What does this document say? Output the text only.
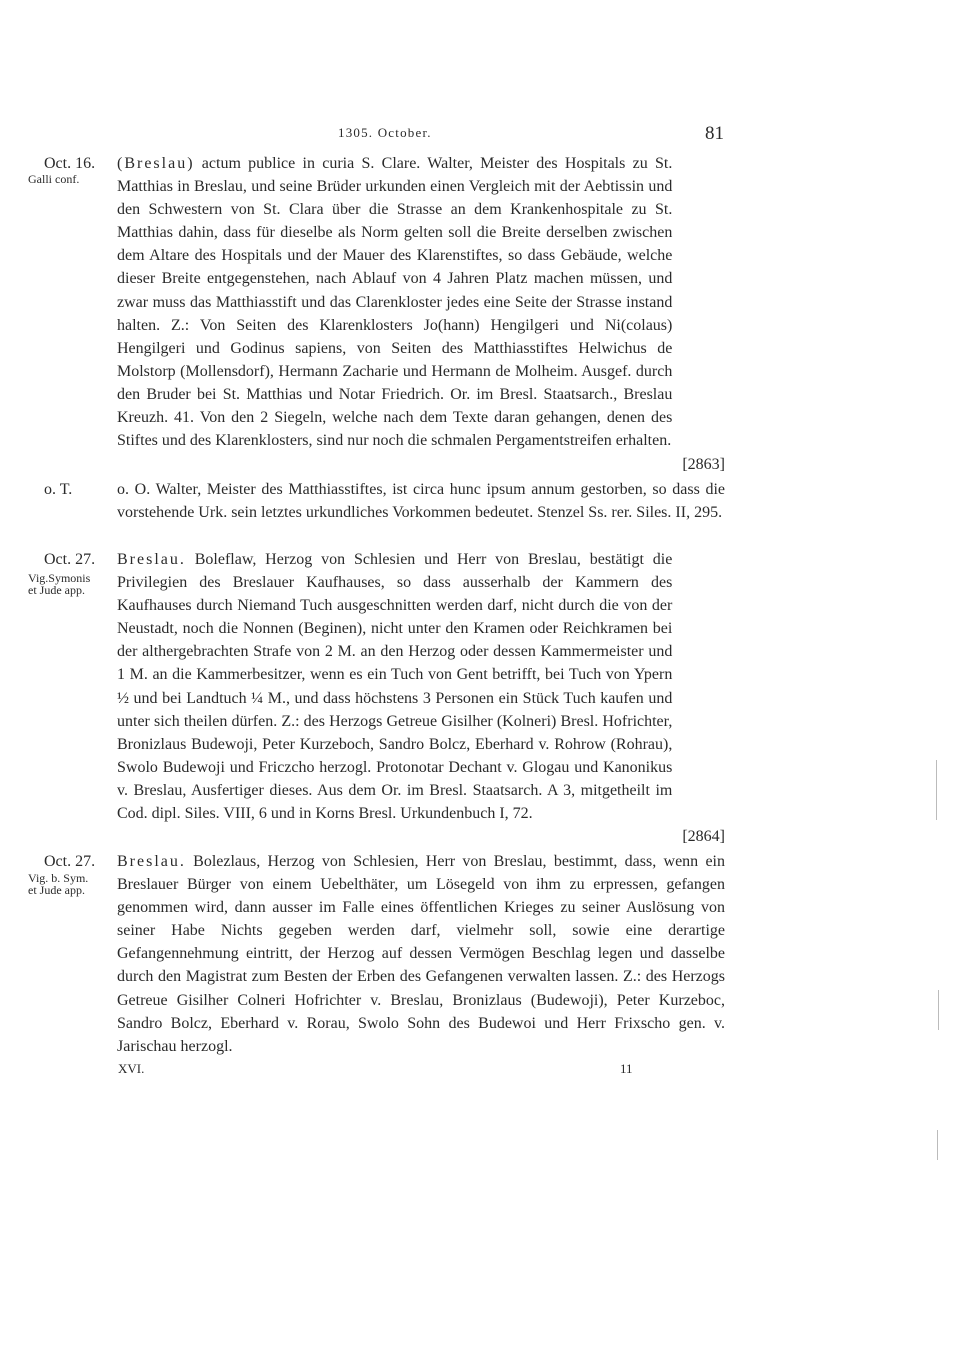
1305. October.	81
Oct. 16.
Galli conf.
[2863]
(Breslau) actum publice in curia S. Clare. Walter, Meister des Hospitals zu St. Matthias in Breslau, und seine Brüder urkunden einen Vergleich mit der Aebtissin und den Schwestern von St. Clara über die Strasse an dem Krankenhospitale zu St. Matthias dahin, dass für dieselbe als Norm gelten soll die Breite derselben zwischen dem Altare des Hospitals und der Mauer des Klarenstiftes, so dass Gebäude, welche dieser Breite entgegenstehen, nach Ablauf von 4 Jahren Platz machen müssen, und zwar muss das Matthiasstift und das Clarenkloster jedes eine Seite der Strasse instand halten. Z.: Von Seiten des Klarenklosters Jo(hann) Hengilgeri und Ni(colaus) Hengilgeri und Godinus sapiens, von Seiten des Matthiasstiftes Helwichus de Molstorp (Mollensdorf), Hermann Zacharie und Hermann de Molheim. Ausgef. durch den Bruder bei St. Matthias und Notar Friedrich. Or. im Bresl. Staatsarch., Breslau Kreuzh. 41. Von den 2 Siegeln, welche nach dem Texte daran gehangen, denen des Stiftes und des Klarenklosters, sind nur noch die schmalen Pergamentstreifen erhalten.
o. T.	o. O. Walter, Meister des Matthiasstiftes, ist circa hunc ipsum annum gestorben, so dass die vorstehende Urk. sein letztes urkundliches Vorkommen bedeutet. Stenzel Ss. rer. Siles. II, 295.
Oct. 27.
Vig.Symonis
et Jude app.
[2864]
Breslau. Boleflaw, Herzog von Schlesien und Herr von Breslau, bestätigt die Privilegien des Breslauer Kaufhauses, so dass ausserhalb der Kammern des Kaufhauses durch Niemand Tuch ausgeschnitten werden darf, nicht durch die von der Neustadt, noch die Nonnen (Beginen), nicht unter den Kramen oder Reichkramen bei der althergebrachten Strafe von 2 M. an den Herzog oder dessen Kammermeister und 1 M. an die Kammerbesitzer, wenn es ein Tuch von Gent betrifft, bei Tuch von Ypern ½ und bei Landtuch ¼ M., und dass höchstens 3 Personen ein Stück Tuch kaufen und unter sich theilen dürfen. Z.: des Herzogs Getreue Gisilher (Kolneri) Bresl. Hofrichter, Bronizlaus Budewoji, Peter Kurzeboch, Sandro Bolcz, Eberhard v. Rohrow (Rohrau), Swolo Budewoji und Friczcho herzogl. Protonotar Dechant v. Glogau und Kanonikus v. Breslau, Ausfertiger dieses. Aus dem Or. im Bresl. Staatsarch. A 3, mitgetheilt im Cod. dipl. Siles. VIII, 6 und in Korns Bresl. Urkundenbuch I, 72.
Oct. 27.
Vig. b. Sym.
et Jude app.
Breslau. Bolezlaus, Herzog von Schlesien, Herr von Breslau, bestimmt, dass, wenn ein Breslauer Bürger von einem Uebelthäter, um Lösegeld von ihm zu erpressen, gefangen genommen wird, dann ausser im Falle eines öffentlichen Krieges zu seiner Auslösung von seiner Habe Nichts gegeben werden darf, vielmehr soll, sowie eine derartige Gefangennehmung eintritt, der Herzog auf dessen Vermögen Beschlag legen und dasselbe durch den Magistrat zum Besten der Erben des Gefangenen verwalten lassen. Z.: des Herzogs Getreue Gisilher Colneri Hofrichter v. Breslau, Bronizlaus (Budewoji), Peter Kurzeboc, Sandro Bolcz, Eberhard v. Rorau, Swolo Sohn des Budewoi und Herr Frixscho gen. v. Jarischau herzogl.
XVI.	11
